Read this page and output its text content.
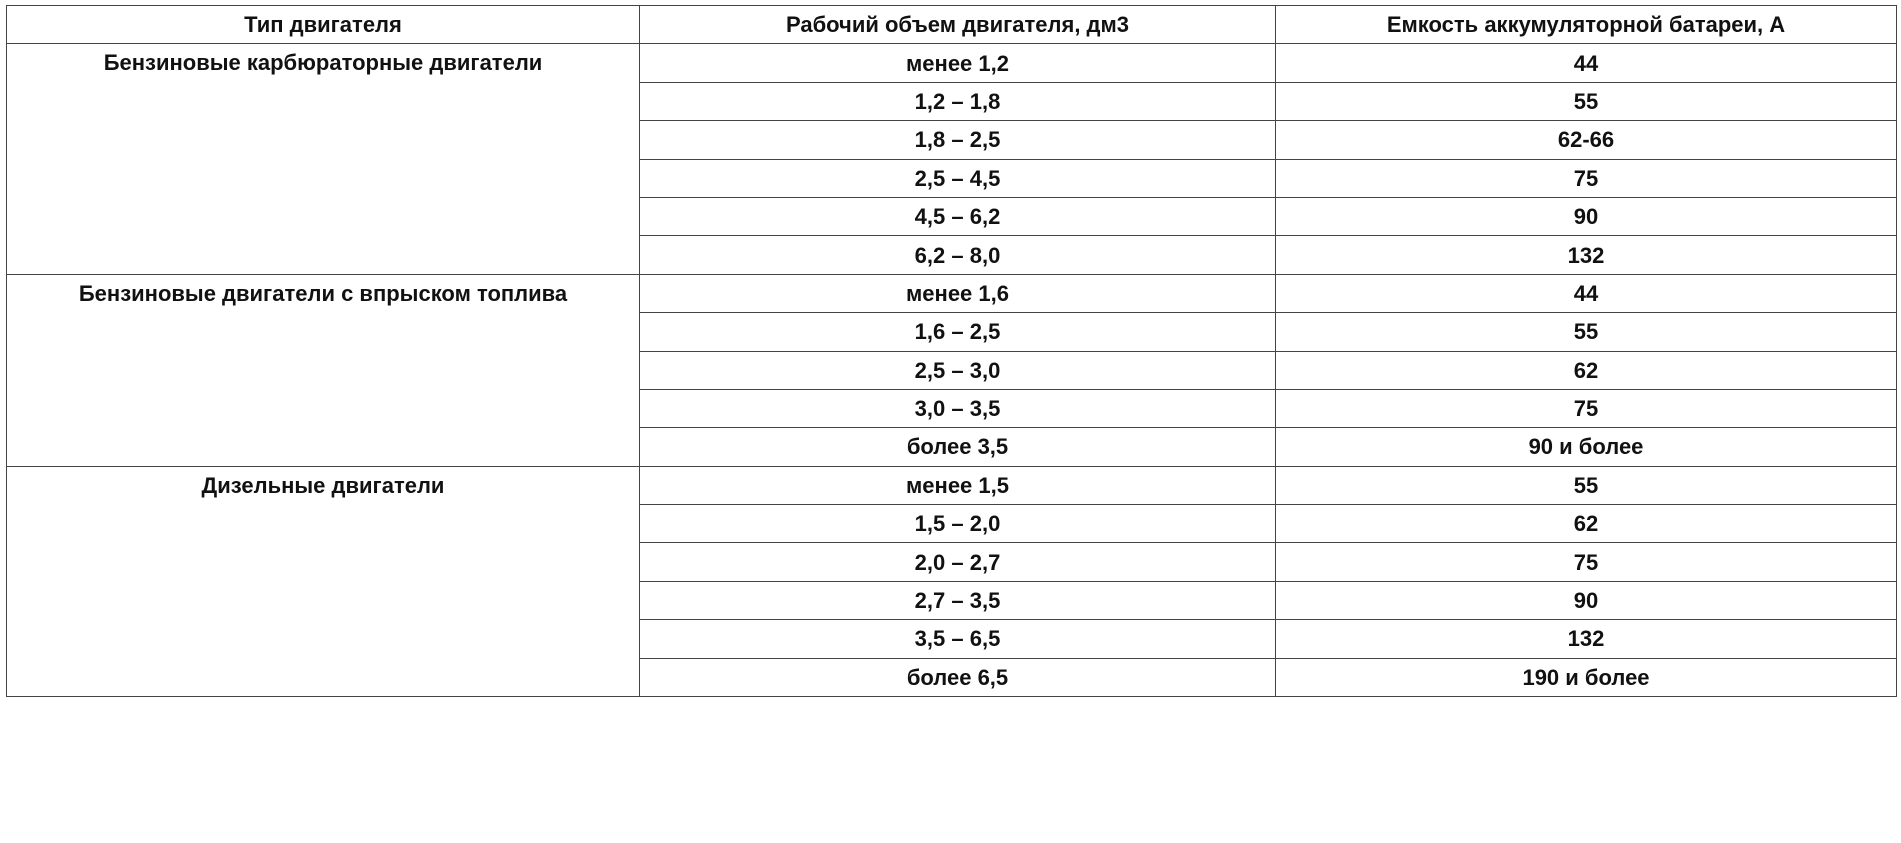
Тип двигателя	Рабочий объем двигателя, дм3	Емкость аккумуляторной батареи, А
Бензиновые карбюраторные двигатели	менее 1,2	44
	1,2 – 1,8	55
	1,8 – 2,5	62-66
	2,5 – 4,5	75
	4,5 – 6,2	90
	6,2 – 8,0	132
Бензиновые двигатели с впрыском топлива	менее 1,6	44
	1,6 – 2,5	55
	2,5 – 3,0	62
	3,0 – 3,5	75
	более 3,5	90 и более
Дизельные двигатели	менее 1,5	55
	1,5 – 2,0	62
	2,0 – 2,7	75
	2,7 – 3,5	90
	3,5 – 6,5	132
	более 6,5	190 и более
